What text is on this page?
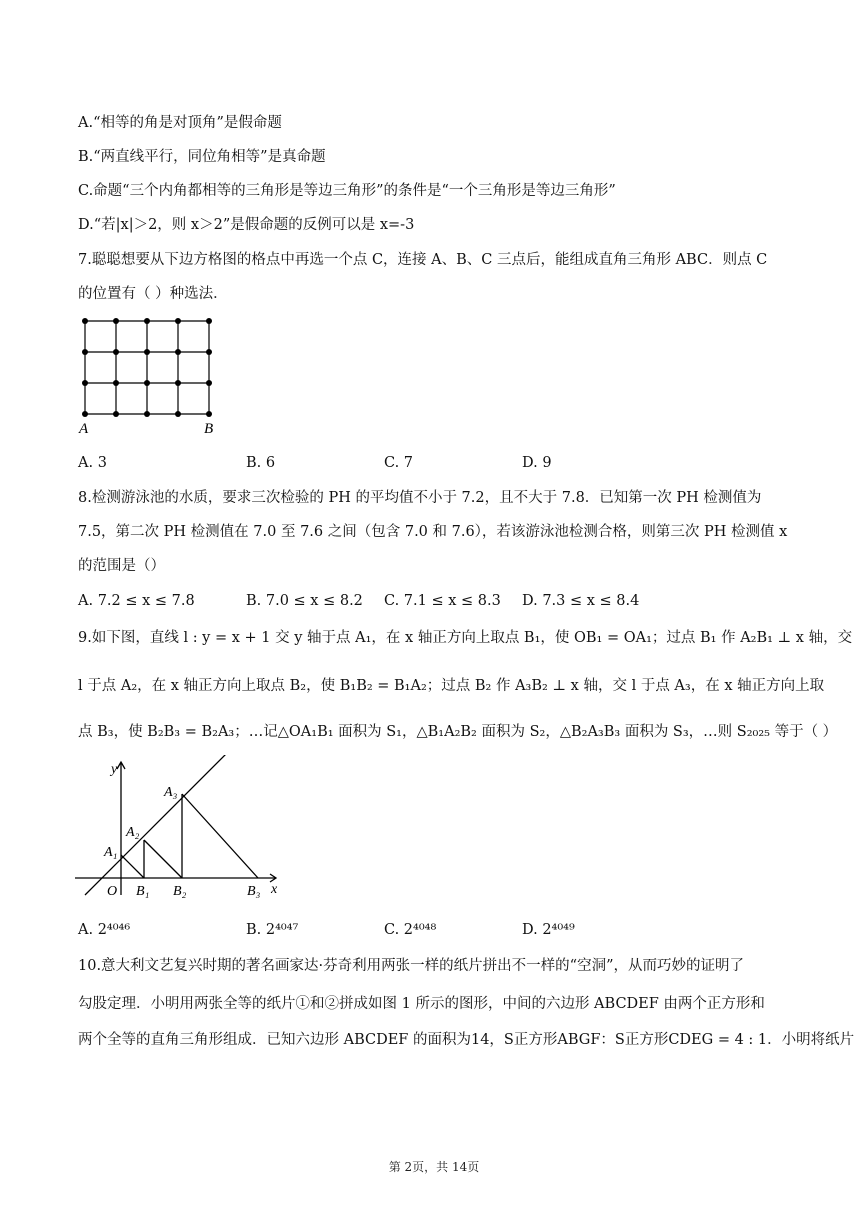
A.“相等的角是对顶角”是假命题
B.“两直线平行，同位角相等”是真命题
C.命题“三个内角都相等的三角形是等边三角形”的条件是“一个三角形是等边三角形”
D.“若|x|＞2，则 x＞2”是假命题的反例可以是 x=-3
7.聪聪想要从下边方格图的格点中再选一个点 C，连接 A、B、C 三点后，能组成直角三角形 ABC．则点 C
的位置有（ ）种选法．
A	B
A. 3	B. 6	C. 7	D. 9
8.检测游泳池的水质，要求三次检验的 PH 的平均值不小于 7.2，且不大于 7.8．已知第一次 PH 检测值为
7.5，第二次 PH 检测值在 7.0 至 7.6 之间（包含 7.0 和 7.6），若该游泳池检测合格，则第三次 PH 检测值 x
的范围是（）
A. 7.2 ≤ x ≤ 7.8	B. 7.0 ≤ x ≤ 8.2 C. 7.1 ≤ x ≤ 8.3 D. 7.3 ≤ x ≤ 8.4
9.如下图，直线 l : y = x + 1 交 y 轴于点 A₁，在 x 轴正方向上取点 B₁，使 OB₁ = OA₁；过点 B₁ 作 A₂B₁ ⊥ x 轴，交
l 于点 A₂，在 x 轴正方向上取点 B₂，使 B₁B₂ = B₁A₂；过点 B₂ 作 A₃B₂ ⊥ x 轴，交 l 于点 A₃，在 x 轴正方向上取
点 B₃，使 B₂B₃ = B₂A₃；…记△OA₁B₁ 面积为 S₁，△B₁A₂B₂ 面积为 S₂，△B₂A₃B₃ 面积为 S₃，…则 S₂₀₂₅ 等于（ ）
y
x
O
A₁
A₂
A₃
B₁ B₂	B₃
A. 2⁴⁰⁴⁶	B. 2⁴⁰⁴⁷	C. 2⁴⁰⁴⁸	D. 2⁴⁰⁴⁹
10.意大利文艺复兴时期的著名画家达·芬奇利用两张一样的纸片拼出不一样的“空洞”，从而巧妙的证明了
勾股定理．小明用两张全等的纸片①和②拼成如图 1 所示的图形，中间的六边形 ABCDEF 由两个正方形和
两个全等的直角三角形组成．已知六边形 ABCDEF 的面积为14，S正方形ABGF：S正方形CDEG = 4 : 1．小明将纸片
第 2页，共 14页
